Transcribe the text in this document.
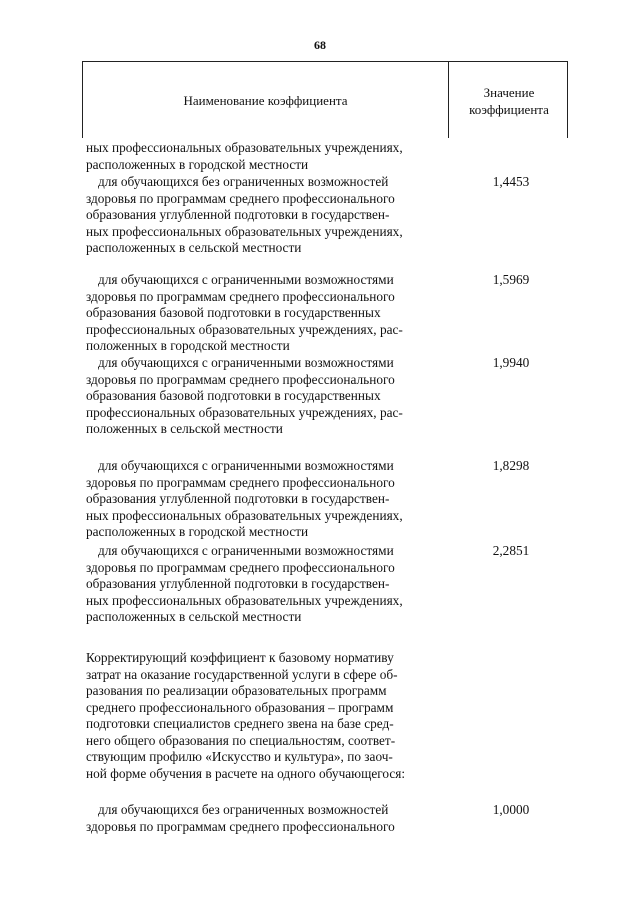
68
Наименование коэффициента
Значение
коэффициента
ных профессиональных образовательных учреждениях,
расположенных в городской местности
для обучающихся без ограниченных возможностей
здоровья по программам среднего профессионального
образования углубленной подготовки в государствен-
ных профессиональных образовательных учреждениях,
расположенных в сельской местности
1,4453
для обучающихся с ограниченными возможностями
здоровья по программам среднего профессионального
образования базовой подготовки в государственных
профессиональных образовательных учреждениях, рас-
положенных в городской местности
1,5969
для обучающихся с ограниченными возможностями
здоровья по программам среднего профессионального
образования базовой подготовки в государственных
профессиональных образовательных учреждениях, рас-
положенных в сельской местности
1,9940
для обучающихся с ограниченными возможностями
здоровья по программам среднего профессионального
образования углубленной подготовки в государствен-
ных профессиональных образовательных учреждениях,
расположенных в городской местности
1,8298
для обучающихся с ограниченными возможностями
здоровья по программам среднего профессионального
образования углубленной подготовки в государствен-
ных профессиональных образовательных учреждениях,
расположенных в сельской местности
2,2851
Корректирующий коэффициент к базовому нормативу
затрат на оказание государственной услуги в сфере об-
разования по реализации образовательных программ
среднего профессионального образования – программ
подготовки специалистов среднего звена на базе сред-
него общего образования по специальностям, соответ-
ствующим профилю «Искусство и культура», по заоч-
ной форме обучения в расчете на одного обучающегося:
для обучающихся без ограниченных возможностей
здоровья по программам среднего профессионального
1,0000
